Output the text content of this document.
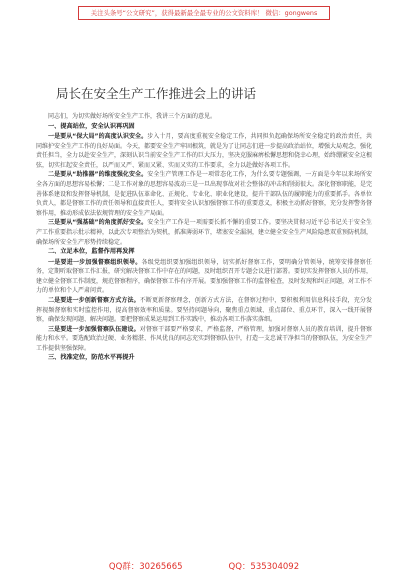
关注头条号“公文研究”，获得最新最全最专业的公文资料库！ 微信：gongwens
局长在安全生产工作推进会上的讲话

同志们，为切实做好场所安全生产工作，我讲三个方面的意见。

一、提高站位，安全认识再巩固

一是要从“保大局”的高度认识安全。步入十月，要高度重视安全稳定工作，共同担负起确保场所安全稳定的政治责任，共同维护安全生产工作的良好局面。今天，都要安全生产牢固根筑，就是为了让同志们进一步提高政治站位，增强大局观念，强化责任担当，全力以赴安全生产，深刻认识当前安全生产工作的巨大压力，坚决克服麻痹松懈思想和侥幸心理，始终绷紧安全这根弦，切实扛起安全责任，以严而又严、紧而又紧、实而又实的工作要求，全力以赴做好各项工作。

二是要从“助推器”的维度强化安全。安全生产管理工作是一项常态化工作，为什么要专题强调，一方面是今年以来场所安全各方面的思想容易松懈；二是工作对象的思想容易波动三是一旦出现事故对社会整体的冲击和削弱很大。深化督察职能，是完善体系建设和发挥督导机制，是促进队伍革命化、正规化、专业化、职业化建设，提升干部队伍的履职能力的重要抓手。各单位负责人，都是督察工作的责任领导和直接责任人，要将安全认识加强督察工作的重要意义，积极主动抓好督察，充分发挥警务督察作用，推动形成依法依规管理的安全生产局面。

三是要从“强基础”的角度抓好安全。安全生产工作是一项需要长抓不懈的重要工作。要坚决贯彻习近平总书记关于安全生产工作重要指示批示精神，以此次专项整治为契机，抓准薄弱环节，堵塞安全漏洞，建立健全安全生产风险隐患双重预防机制，确保场所安全生产形势持续稳定。

二、立足本位，监督作用再发挥

一是要进一步加强督察组织领导。各级党组织要加强组织领导，切实抓好督察工作，要明确分管领导，统筹安排督察任务，定期听取督察工作汇报，研究解决督察工作中存在的问题，及时组织召开专题会议进行部署。要切实发挥督察人员的作用，建立健全督察工作制度，规范督察程序，确保督察工作有序开展。要加强督察工作的监督检查，及时发现和纠正问题，对工作不力的单位和个人严肃问责。

二是要进一步创新督察方式方法。不断更新督察理念，创新方式方法，在督察过程中，要积极利用信息科技手段，充分发挥视频督察和实时监控作用，提高督察效率和质量。要坚持问题导向，聚焦重点领域、重点部位、重点环节，深入一线开展督察，确保发现问题、解决问题。要把督察成果运用到工作实践中，推动各项工作落实落细。

三是要进一步加强督察队伍建设。对督察干部要严格要求，严格监督，严格管理，加强对督察人员的教育培训，提升督察能力和水平。要选配政治过硬、业务精湛、作风优良的同志充实到督察队伍中，打造一支忠诚干净担当的督察队伍，为安全生产工作提供坚强保障。

三、找准定位，防范水平再提升

QQ群：30265665	QQ：535304092
